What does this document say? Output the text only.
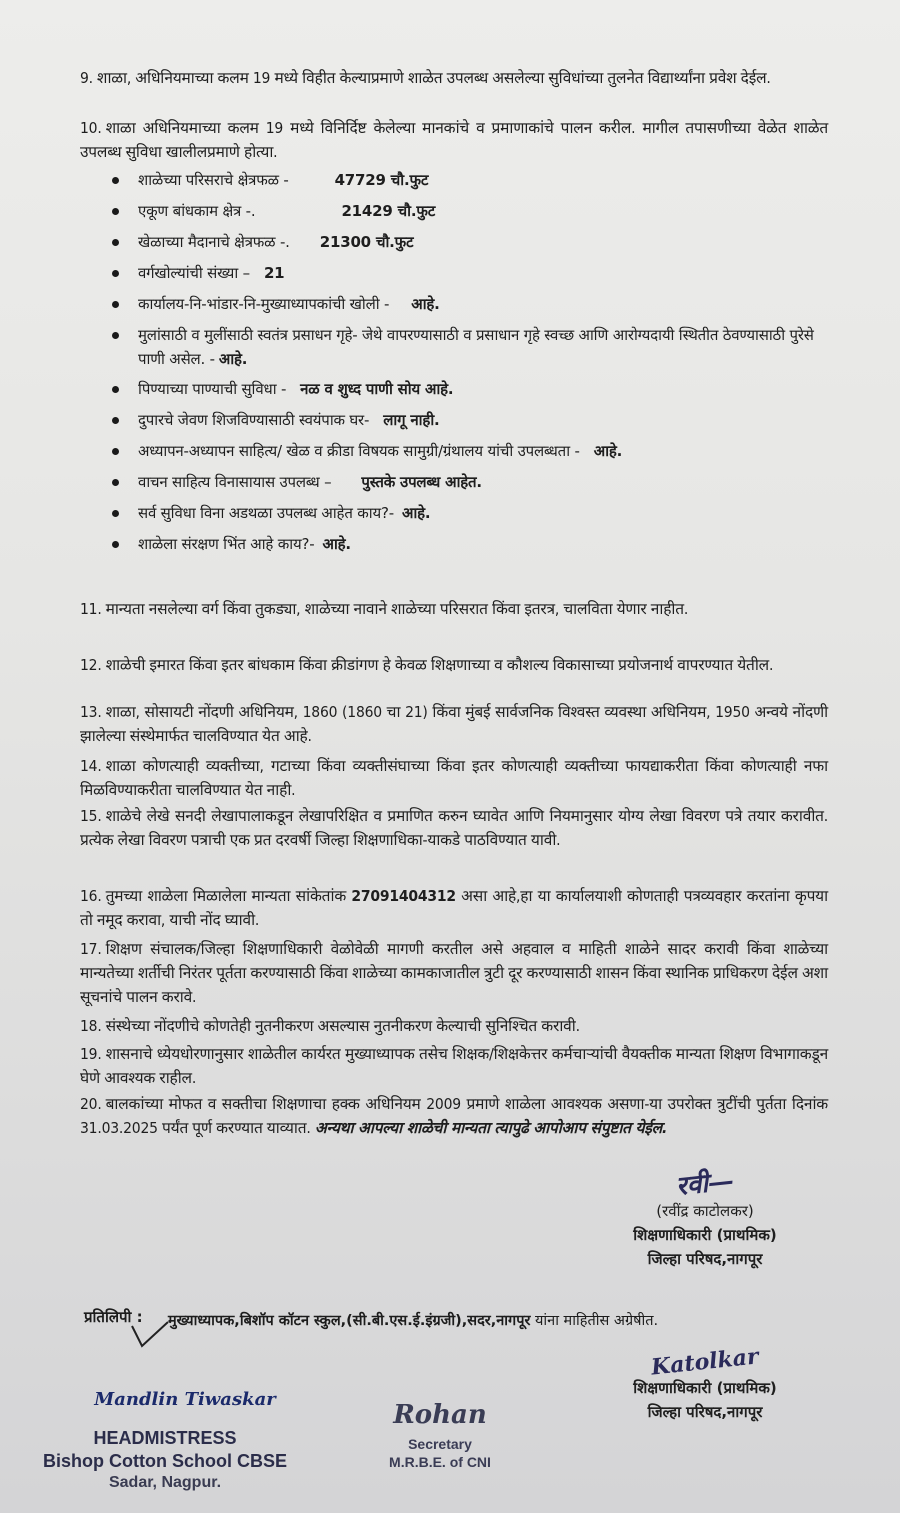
9. शाळा, अधिनियमाच्या कलम 19 मध्ये विहीत केल्याप्रमाणे शाळेत उपलब्ध असलेल्या सुविधांच्या तुलनेत विद्यार्थ्यांना प्रवेश देईल.

10. शाळा अधिनियमाच्या कलम 19 मध्ये विनिर्दिष्ट केलेल्या मानकांचे व प्रमाणाकांचे पालन करील. मागील तपासणीच्या वेळेत शाळेत उपलब्ध सुविधा खालीलप्रमाणे होत्या.

शाळेच्या परिसराचे क्षेत्रफळ -	47729 चौ.फुट
एकूण बांधकाम क्षेत्र -.	21429 चौ.फुट
खेळाच्या मैदानाचे क्षेत्रफळ -. 21300 चौ.फुट
वर्गखोल्यांची संख्या – 21
कार्यालय-नि-भांडार-नि-मुख्याध्यापकांची खोली - आहे.
मुलांसाठी व मुलींसाठी स्वतंत्र प्रसाधन गृहे- जेथे वापरण्यासाठी व प्रसाधान गृहे स्वच्छ आणि आरोग्यदायी स्थितीत ठेवण्यासाठी पुरेसे पाणी असेल. - आहे.
पिण्याच्या पाण्याची सुविधा - नळ व शुध्द पाणी सोय आहे.
दुपारचे जेवण शिजविण्यासाठी स्वयंपाक घर- लागू नाही.
अध्यापन-अध्यापन साहित्य/ खेळ व क्रीडा विषयक सामुग्री/ग्रंथालय यांची उपलब्धता - आहे.
वाचन साहित्य विनासायास उपलब्ध – पुस्तके उपलब्ध आहेत.
सर्व सुविधा विना अडथळा उपलब्ध आहेत काय?- आहे.
शाळेला संरक्षण भिंत आहे काय?- आहे.

11. मान्यता नसलेल्या वर्ग किंवा तुकड्या, शाळेच्या नावाने शाळेच्या परिसरात किंवा इतरत्र, चालविता येणार नाहीत.

12. शाळेची इमारत किंवा इतर बांधकाम किंवा क्रीडांगण हे केवळ शिक्षणाच्या व कौशल्य विकासाच्या प्रयोजनार्थ वापरण्यात येतील.

13. शाळा, सोसायटी नोंदणी अधिनियम, 1860 (1860 चा 21) किंवा मुंबई सार्वजनिक विश्वस्त व्यवस्था अधिनियम, 1950 अन्वये नोंदणी झालेल्या संस्थेमार्फत चालविण्यात येत आहे.

14. शाळा कोणत्याही व्यक्तीच्या, गटाच्या किंवा व्यक्तीसंघाच्या किंवा इतर कोणत्याही व्यक्तीच्या फायद्याकरीता किंवा कोणत्याही नफा मिळविण्याकरीता चालविण्यात येत नाही.

15. शाळेचे लेखे सनदी लेखापालाकडून लेखापरिक्षित व प्रमाणित करुन घ्यावेत आणि नियमानुसार योग्य लेखा विवरण पत्रे तयार करावीत. प्रत्येक लेखा विवरण पत्राची एक प्रत दरवर्षी जिल्हा शिक्षणाधिका-याकडे पाठविण्यात यावी.

16. तुमच्या शाळेला मिळालेला मान्यता सांकेतांक 27091404312 असा आहे,हा या कार्यालयाशी कोणताही पत्रव्यवहार करतांना कृपया तो नमूद करावा, याची नोंद घ्यावी.

17. शिक्षण संचालक/जिल्हा शिक्षणाधिकारी वेळोवेळी मागणी करतील असे अहवाल व माहिती शाळेने सादर करावी किंवा शाळेच्या मान्यतेच्या शर्तीची निरंतर पूर्तता करण्यासाठी किंवा शाळेच्या कामकाजातील त्रुटी दूर करण्यासाठी शासन किंवा स्थानिक प्राधिकरण देईल अशा सूचनांचे पालन करावे.

18. संस्थेच्या नोंदणीचे कोणतेही नुतनीकरण असल्यास नुतनीकरण केल्याची सुनिश्चित करावी.

19. शासनाचे ध्येयधोरणानुसार शाळेतील कार्यरत मुख्याध्यापक तसेच शिक्षक/शिक्षकेत्तर कर्मचाऱ्यांची वैयक्तीक मान्यता शिक्षण विभागाकडून घेणे आवश्यक राहील.

20. बालकांच्या मोफत व सक्तीचा शिक्षणाचा हक्क अधिनियम 2009 प्रमाणे शाळेला आवश्यक असणा-या उपरोक्त त्रुटींची पुर्तता दिनांक 31.03.2025 पर्यंत पूर्ण करण्यात याव्यात. अन्यथा आपल्या शाळेची मान्यता त्यापुढे आपोआप संपुष्टात येईल.

रवी—
(रवींद्र काटोलकर)
शिक्षणाधिकारी (प्राथमिक)
जिल्हा परिषद,नागपूर
प्रतिलिपी : मुख्याध्यापक,बिशॉप कॉटन स्कुल,(सी.बी.एस.ई.इंग्रजी),सदर,नागपूर यांना माहितीस अग्रेषीत.
Katolkar
शिक्षणाधिकारी (प्राथमिक)
जिल्हा परिषद,नागपूर
Mandlin Tiwaskar
HEADMISTRESS
Bishop Cotton School CBSE
Sadar, Nagpur.
Rohan
Secretary
M.R.B.E. of CNI
